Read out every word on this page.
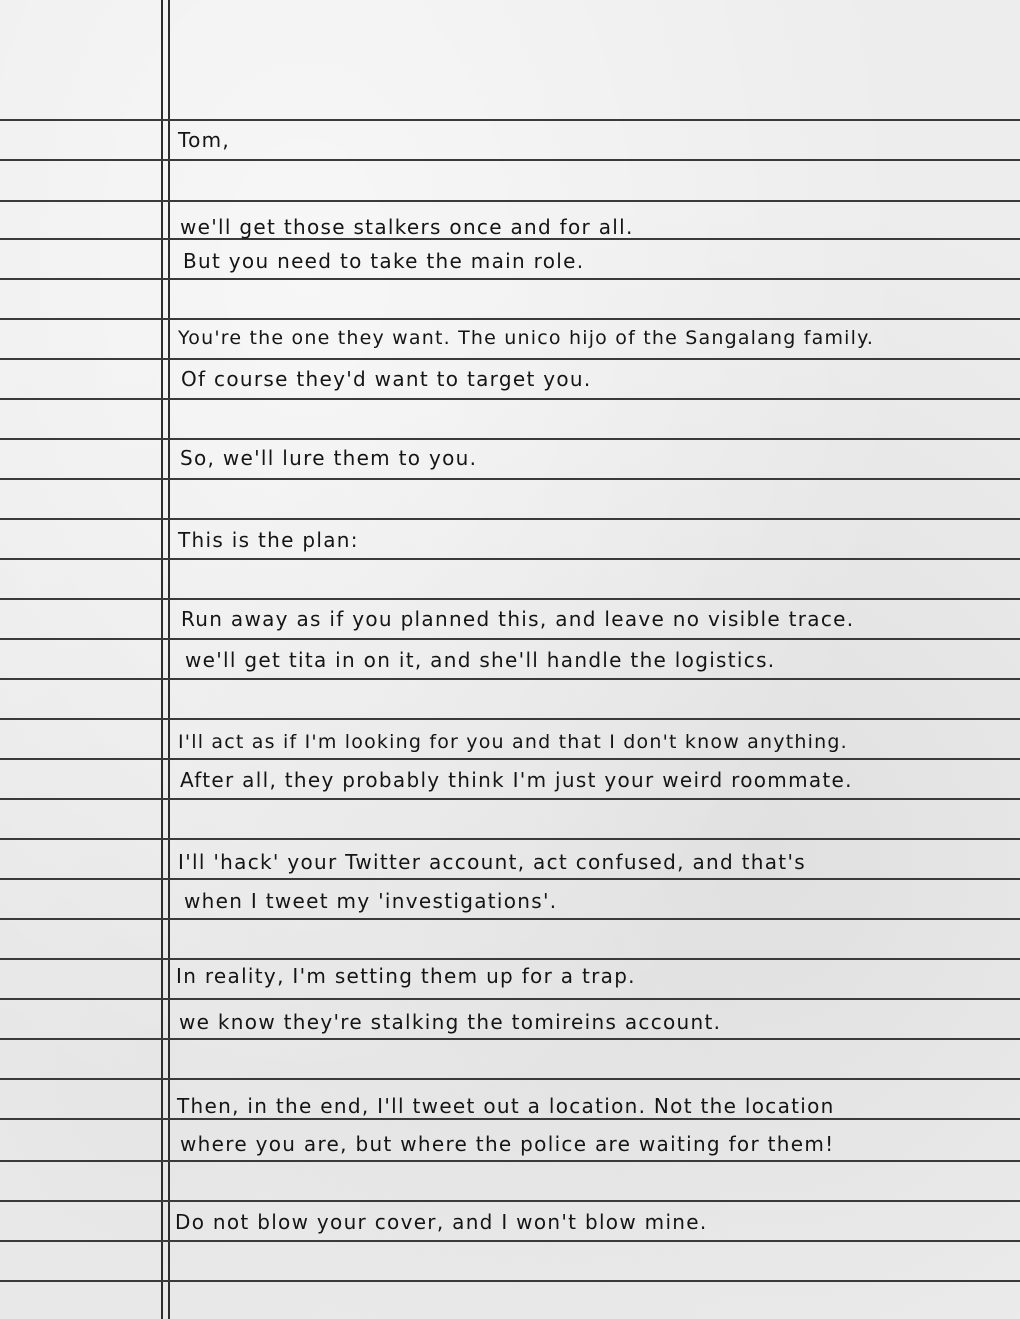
Tom,
we'll get those stalkers once and for all.
But you need to take the main role.
You're the one they want. The unico hijo of the Sangalang family.
Of course they'd want to target you.
So, we'll lure them to you.
This is the plan:
Run away as if you planned this, and leave no visible trace.
we'll get tita in on it, and she'll handle the logistics.
I'll act as if I'm looking for you and that I don't know anything.
After all, they probably think I'm just your weird roommate.
I'll 'hack' your Twitter account, act confused, and that's
when I tweet my 'investigations'.
In reality, I'm setting them up for a trap.
we know they're stalking the tomireins account.
Then, in the end, I'll tweet out a location. Not the location
where you are, but where the police are waiting for them!
Do not blow your cover, and I won't blow mine.
